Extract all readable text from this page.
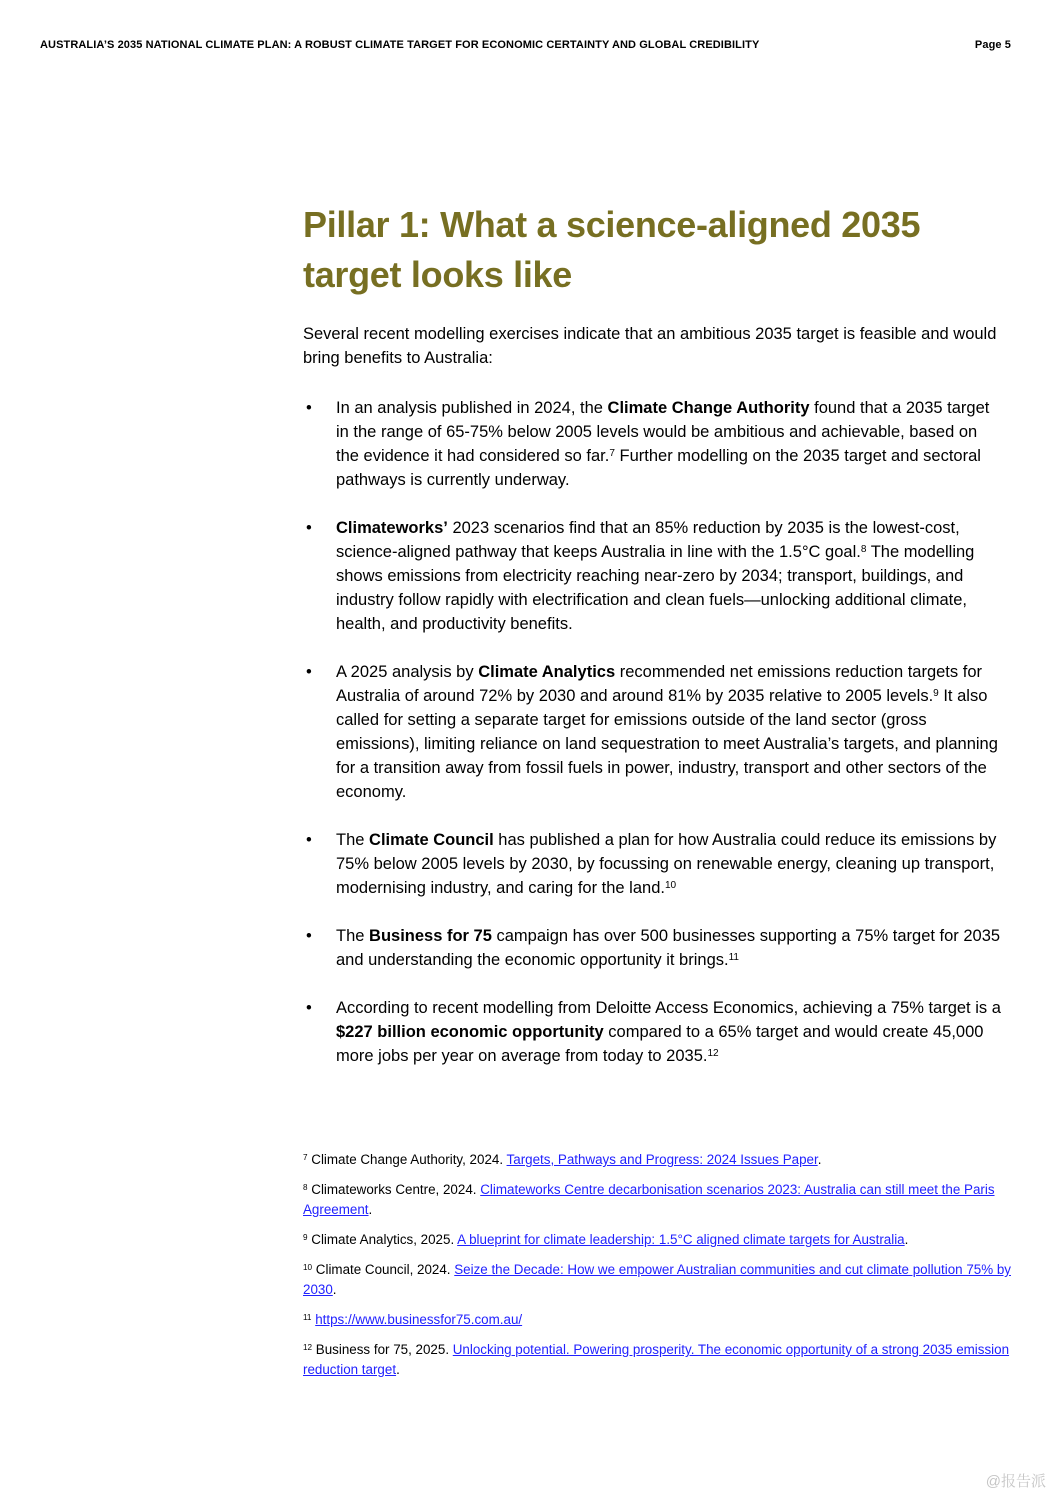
AUSTRALIA’S 2035 NATIONAL CLIMATE PLAN: A ROBUST CLIMATE TARGET FOR ECONOMIC CERTAINTY AND GLOBAL CREDIBILITY	Page 5
Pillar 1: What a science-aligned 2035
target looks like

Several recent modelling exercises indicate that an ambitious 2035 target is feasible and would bring benefits to Australia:

• In an analysis published in 2024, the Climate Change Authority found that a 2035 target in the range of 65-75% below 2005 levels would be ambitious and achievable, based on the evidence it had considered so far.$^7$ Further modelling on the 2035 target and sectoral pathways is currently underway.
• Climateworks’ 2023 scenarios find that an 85% reduction by 2035 is the lowest-cost, science-aligned pathway that keeps Australia in line with the 1.5°C goal.$^8$ The modelling shows emissions from electricity reaching near-zero by 2034; transport, buildings, and industry follow rapidly with electrification and clean fuels—unlocking additional climate, health, and productivity benefits.
• A 2025 analysis by Climate Analytics recommended net emissions reduction targets for Australia of around 72% by 2030 and around 81% by 2035 relative to 2005 levels.$^9$ It also called for setting a separate target for emissions outside of the land sector (gross emissions), limiting reliance on land sequestration to meet Australia’s targets, and planning for a transition away from fossil fuels in power, industry, transport and other sectors of the economy.
• The Climate Council has published a plan for how Australia could reduce its emissions by 75% below 2005 levels by 2030, by focussing on renewable energy, cleaning up transport, modernising industry, and caring for the land.$^{10}$
• The Business for 75 campaign has over 500 businesses supporting a 75% target for 2035 and understanding the economic opportunity it brings.$^{11}$
• According to recent modelling from Deloitte Access Economics, achieving a 75% target is a $227 billion economic opportunity compared to a 65% target and would create 45,000 more jobs per year on average from today to 2035.12

$^7$ Climate Change Authority, 2024. Targets, Pathways and Progress: 2024 Issues Paper.

$^8$ Climateworks Centre, 2024. Climateworks Centre decarbonisation scenarios 2023: Australia can still meet the Paris Agreement.

$^9$ Climate Analytics, 2025. A blueprint for climate leadership: 1.5°C aligned climate targets for Australia.

$^{10}$ Climate Council, 2024. Seize the Decade: How we empower Australian communities and cut climate pollution 75% by 2030.

$^{11}$ https://www.businessfor75.com.au/

$^{12}$ Business for 75, 2025. Unlocking potential. Powering prosperity. The economic opportunity of a strong 2035 emission reduction target.

@报告派
